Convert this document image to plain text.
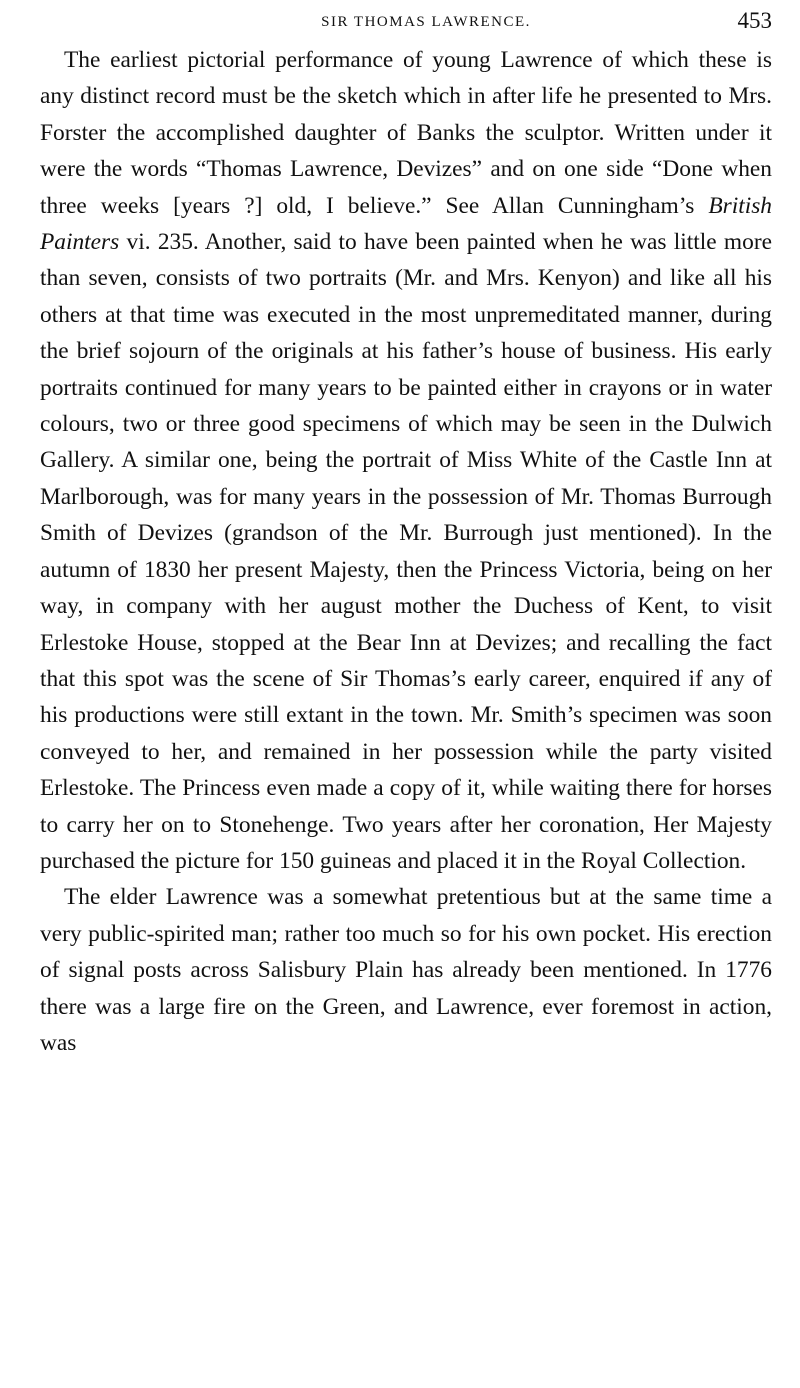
SIR THOMAS LAWRENCE.	453

The earliest pictorial performance of young Lawrence of which these is any distinct record must be the sketch which in after life he presented to Mrs. Forster the accomplished daughter of Banks the sculptor. Written under it were the words “Thomas Lawrence, Devizes” and on one side “Done when three weeks [years ?] old, I believe.” See Allan Cunningham’s British Painters vi. 235. Another, said to have been painted when he was little more than seven, consists of two portraits (Mr. and Mrs. Kenyon) and like all his others at that time was executed in the most unpremeditated manner, during the brief sojourn of the originals at his father’s house of business. His early portraits continued for many years to be painted either in crayons or in water colours, two or three good specimens of which may be seen in the Dulwich Gallery. A similar one, being the portrait of Miss White of the Castle Inn at Marlborough, was for many years in the possession of Mr. Thomas Burrough Smith of Devizes (grandson of the Mr. Burrough just mentioned). In the autumn of 1830 her present Majesty, then the Princess Victoria, being on her way, in company with her august mother the Duchess of Kent, to visit Erlestoke House, stopped at the Bear Inn at Devizes; and recalling the fact that this spot was the scene of Sir Thomas’s early career, enquired if any of his productions were still extant in the town. Mr. Smith’s specimen was soon conveyed to her, and remained in her possession while the party visited Erlestoke. The Princess even made a copy of it, while waiting there for horses to carry her on to Stonehenge. Two years after her coronation, Her Majesty purchased the picture for 150 guineas and placed it in the Royal Collection.

The elder Lawrence was a somewhat pretentious but at the same time a very public-spirited man; rather too much so for his own pocket. His erection of signal posts across Salisbury Plain has already been mentioned. In 1776 there was a large fire on the Green, and Lawrence, ever foremost in action, was
